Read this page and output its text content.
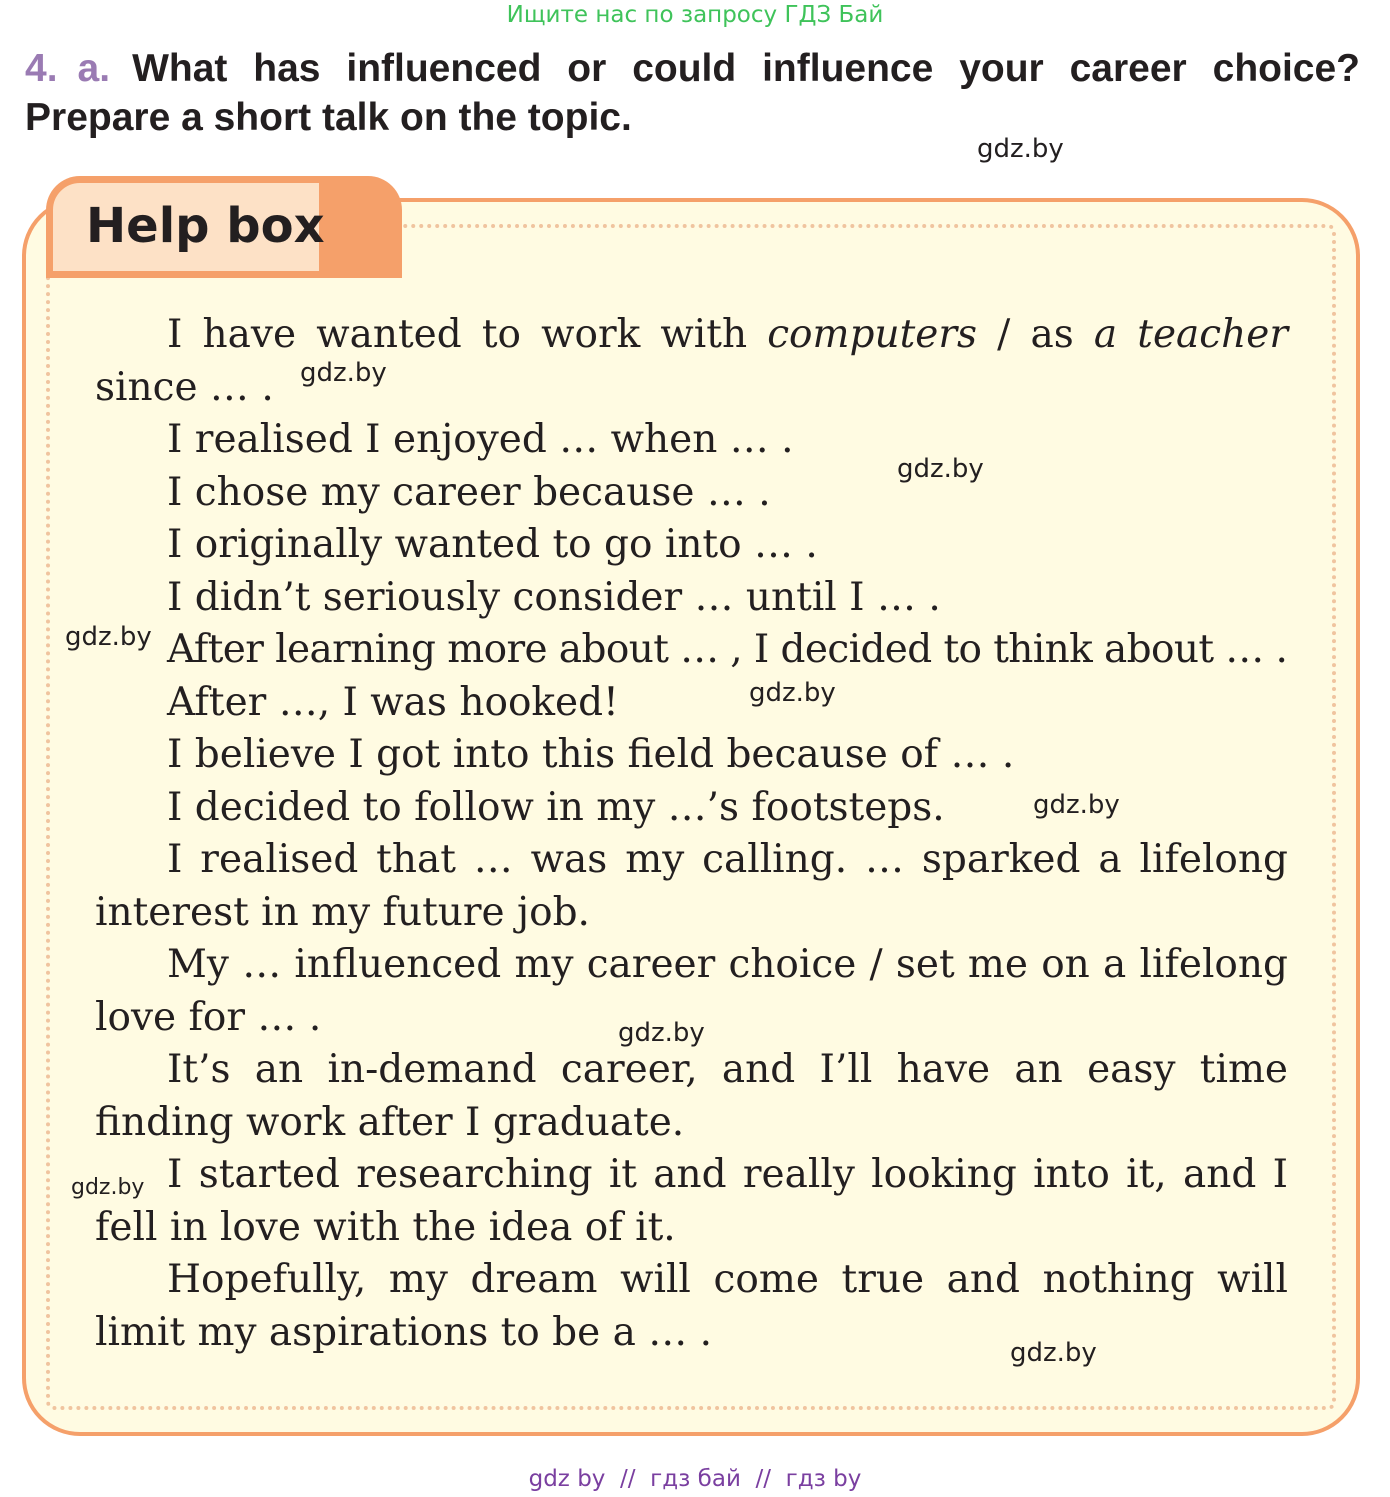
Ищите нас по запросу ГДЗ Бай
4. a. What has influenced or could influence your career choice?
Prepare a short talk on the topic.
gdz.by
Help box

I have wanted to work with computers / as a teacher

since … .

I realised I enjoyed … when … .

I chose my career because … .

I originally wanted to go into … .

I didn’t seriously consider … until I … .

After learning more about … , I decided to think about … .

After …, I was hooked!

I believe I got into this field because of … .

I decided to follow in my …’s footsteps.

I realised that … was my calling. … sparked a lifelong interest in my future job.

My … influenced my career choice / set me on a lifelong love for … .

It’s an in-demand career, and I’ll have an easy time finding work after I graduate.

I started researching it and really looking into it, and I fell in love with the idea of it.

Hopefully, my dream will come true and nothing will limit my aspirations to be a … .

gdz.by
gdz.by
gdz.by
gdz.by
gdz.by
gdz.by
gdz.by
gdz.by
gdz by  //  гдз бай  //  гдз by
